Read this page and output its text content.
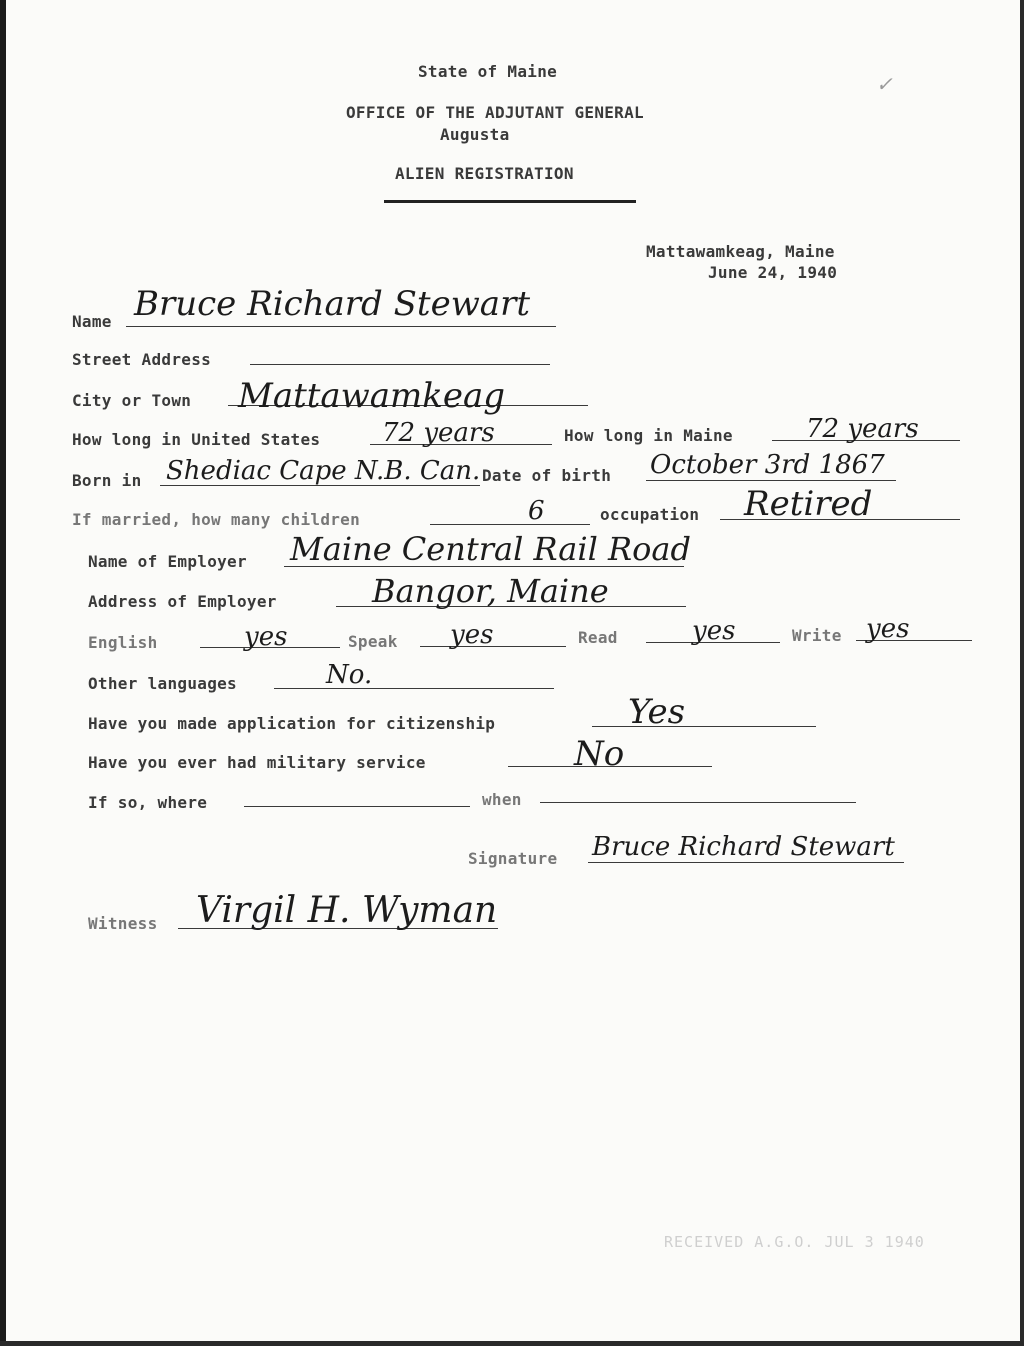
State of Maine
OFFICE OF THE ADJUTANT GENERAL
Augusta
ALIEN REGISTRATION
✓
Mattawamkeag, Maine
June 24, 1940
Name Bruce Richard Stewart
Street Address
City or Town Mattawamkeag
How long in United States 72 years	How long in Maine	72 years
Born in Shediac Cape N.B. Can. Date of birth October 3rd 1867
If married, how many children	6	occupation Retired
Name of Employer Maine Central Rail Road
Address of Employer	Bangor, Maine
English	yes	Speak yes	Read	yes	Write yes
Other languages	No.
Have you made application for citizenship	Yes
Have you ever had military service	No
If so, where	when
Signature Bruce Richard Stewart
Witness Virgil H. Wyman
RECEIVED A.G.O. JUL 3 1940
